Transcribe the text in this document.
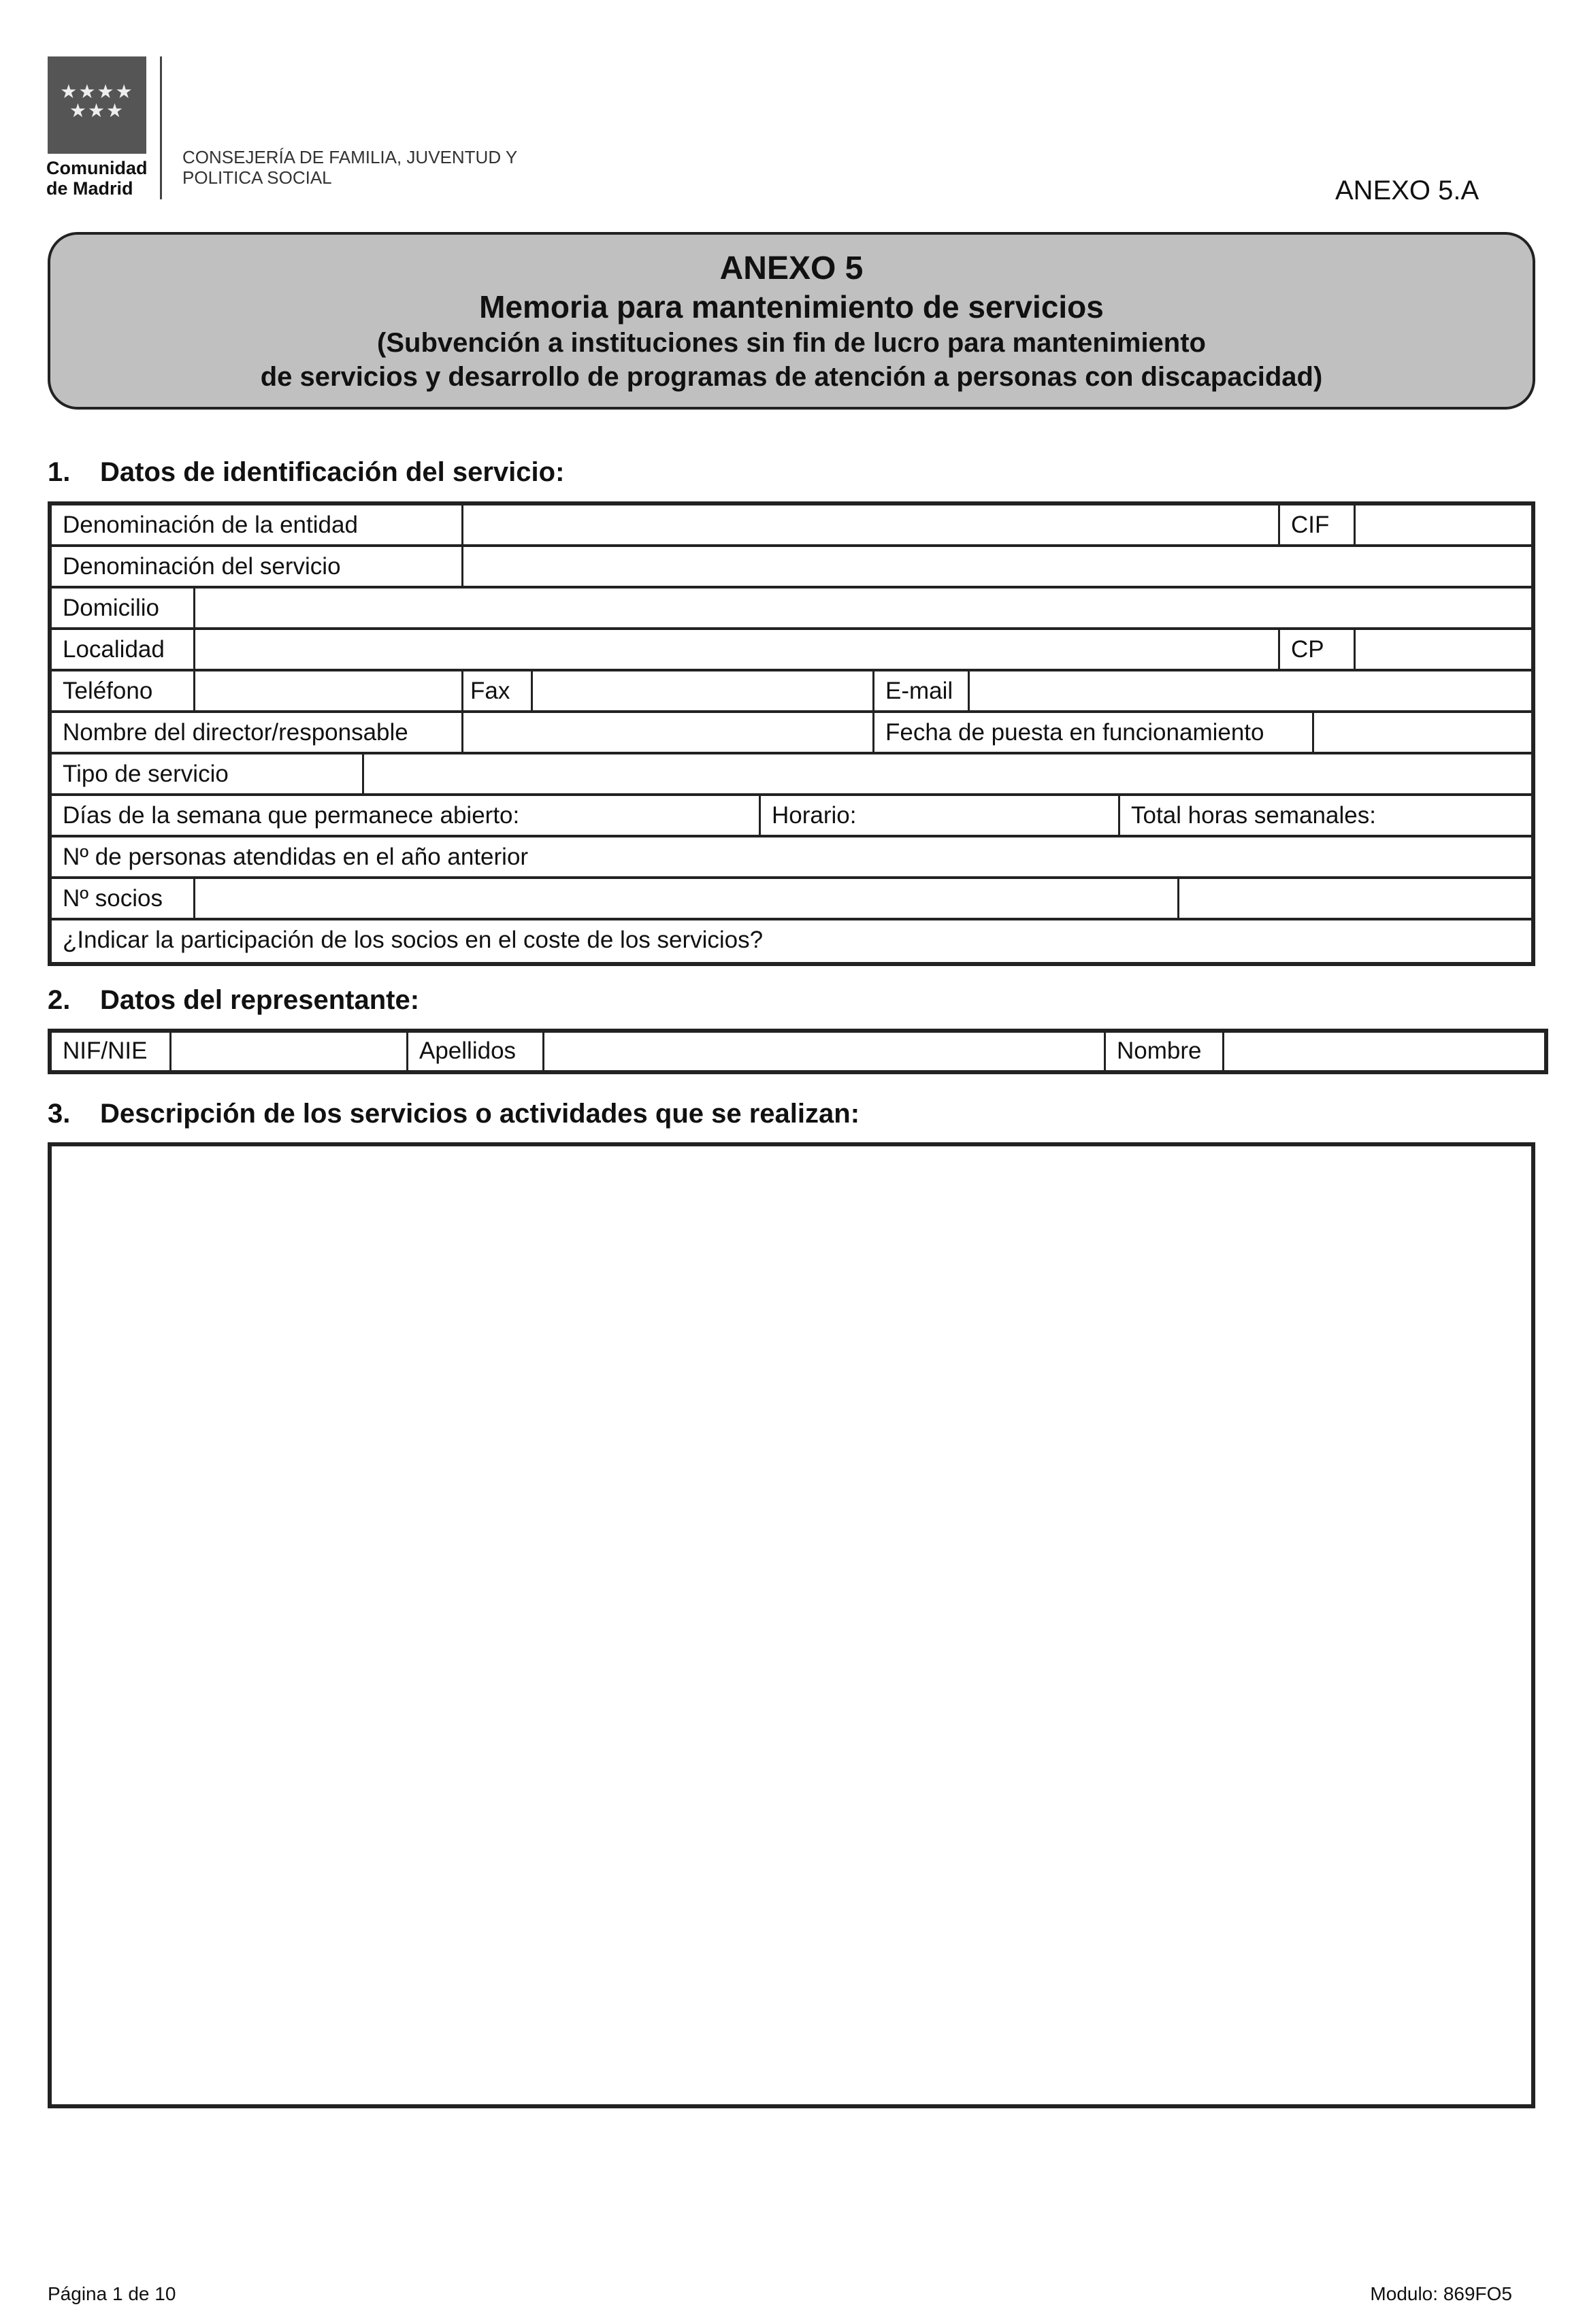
★★★★ ★★★
Comunidad
de Madrid
CONSEJERÍA DE FAMILIA, JUVENTUD Y
POLITICA SOCIAL	ANEXO 5.A
ANEXO 5
Memoria para mantenimiento de servicios
(Subvención a instituciones sin fin de lucro para mantenimiento
de servicios y desarrollo de programas de atención a personas con discapacidad)
1. Datos de identificación del servicio:
Denominación de la entidad	CIF
Denominación del servicio
Domicilio
Localidad	CP
Teléfono	Fax	E-mail
Nombre del director/responsable	Fecha de puesta en funcionamiento
Tipo de servicio
Días de la semana que permanece abierto:	Horario:	Total horas semanales:
Nº de personas atendidas en el año anterior
Nº socios
¿Indicar la participación de los socios en el coste de los servicios?
2. Datos del representante:
NIF/NIE	Apellidos	Nombre
3. Descripción de los servicios o actividades que se realizan:
Página 1 de 10	Modulo: 869FO5
